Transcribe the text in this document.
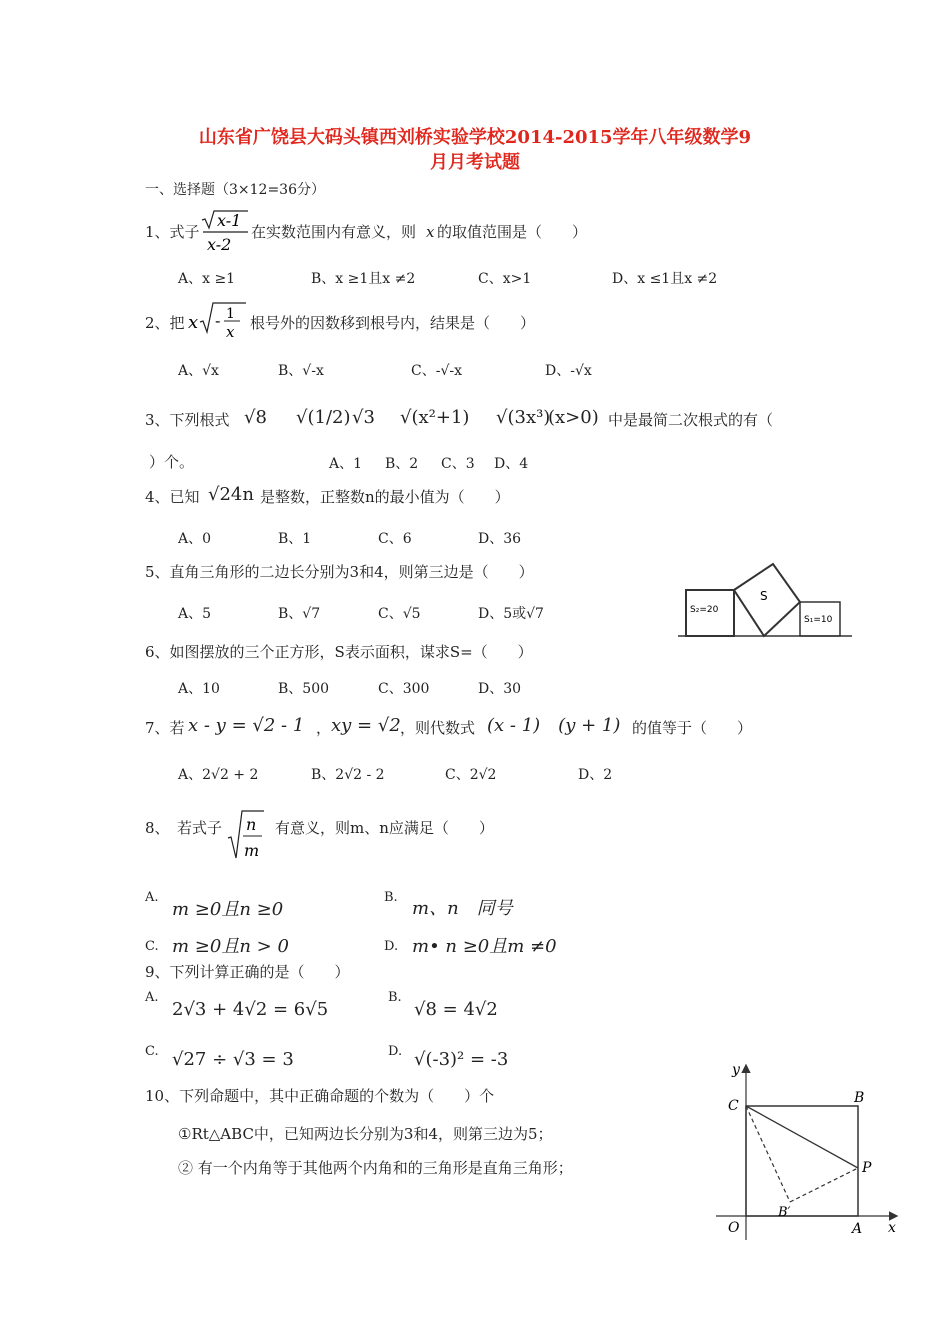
山东省广饶县大码头镇西刘桥实验学校2014-2015学年八年级数学9
月月考试题
一、选择题（3×12=36分）
1、式子
x-1
x-2
在实数范围内有意义，则 x 的取值范围是（　　）
A、x ≥1	B、x ≥1且x ≠2	C、x>1	D、x ≤1且x ≠2
2、把	根号外的因数移到根号内，结果是（　　）
x - 1
x
A、√x	B、√-x	C、-√-x	D、-√x
3、下列根式 √8 √(1/2) √3 √(x²+1) √(3x³)
(x>0) 中是最简二次根式的有（
）个。	A、1 B、2 C、3 D、4
4、已知 √24n 是整数，正整数n的最小值为（　　）
A、0	B、1	C、6	D、36
5、直角三角形的二边长分别为3和4，则第三边是（　　）
A、5	B、√7	C、√5	D、5或√7
S
S₂=20
S₁=10
6、如图摆放的三个正方形，S表示面积，谋求S=（　　）
A、10	B、500	C、300	D、30
7、若 x - y = √2 - 1 ， xy = √2 ，则代数式 (x - 1)　(y + 1) 的值等于（　　）
A、2√2 + 2	B、2√2 - 2	C、2√2	D、2
8、　若式子 n
m
有意义，则m、n应满足（　　）
A.
m ≥0且n ≥0
B.
m、n　同号
C. m ≥0且n > 0	D. m• n ≥0且m ≠0
9、下列计算正确的是（　　）
A.
2√3 + 4√2 = 6√5
B.
√8 = 4√2
C. √27 ÷ √3 = 3	D. √(-3)² = -3
10、下列命题中，其中正确命题的个数为（　　）个
①Rt△ABC中，已知两边长分别为3和4，则第三边为5；
② 有一个内角等于其他两个内角和的三角形是直角三角形；
y
x
O	A
B
C
P
B′
